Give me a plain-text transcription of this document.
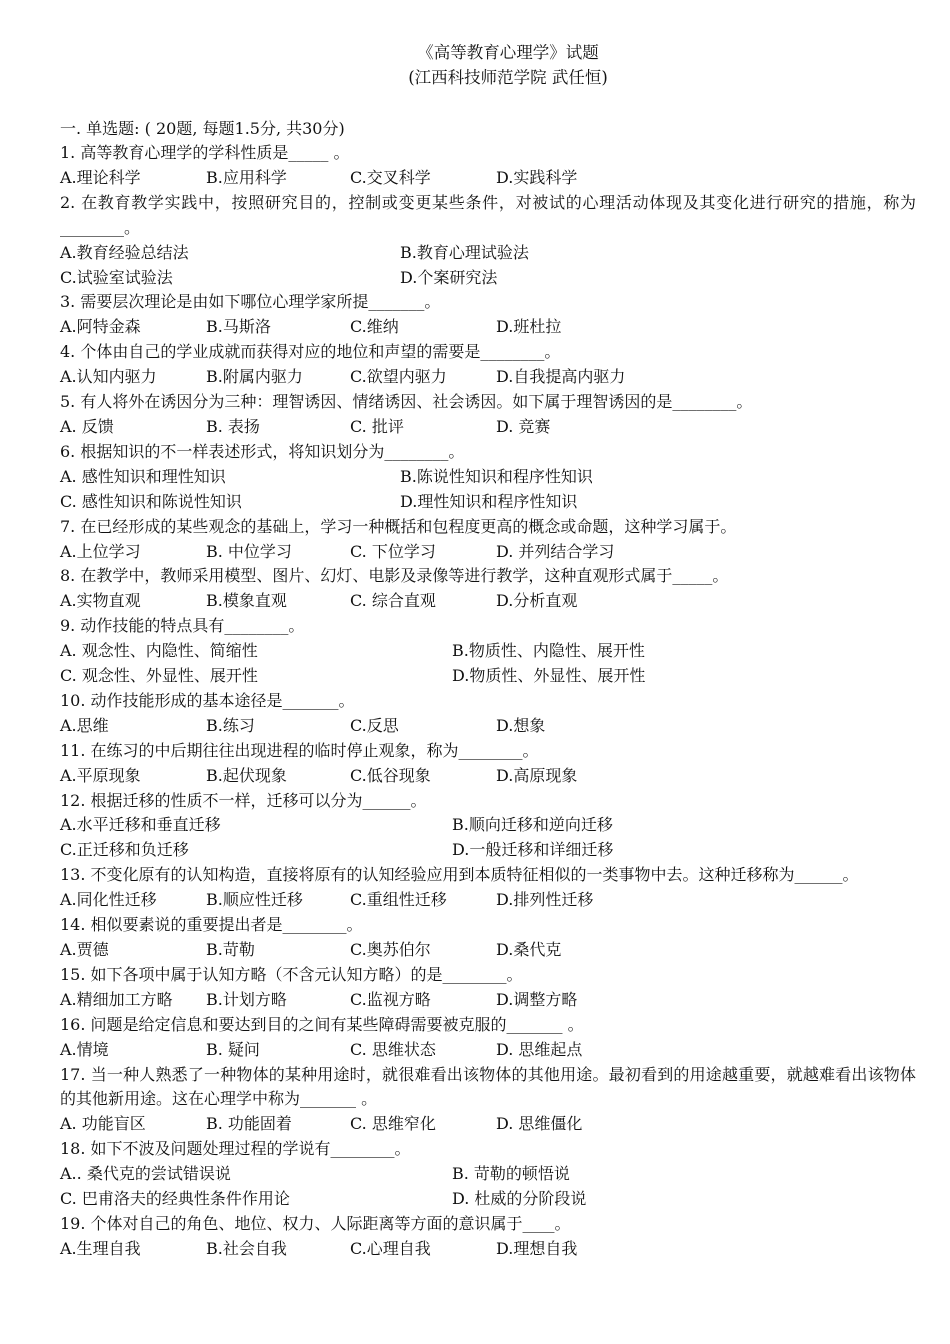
《高等教育心理学》试题
(江西科技师范学院 武任恒)
一. 单选题: ( 20题, 每题1.5分, 共30分)
1. 高等教育心理学的学科性质是_____ 。
A.理论科学	B.应用科学	C.交叉科学	D.实践科学
2. 在教育教学实践中，按照研究目的，控制或变更某些条件，对被试的心理活动体现及其变化进行研究的措施，称为________。
A.教育经验总结法	B.教育心理试验法
C.试验室试验法	D.个案研究法
3. 需要层次理论是由如下哪位心理学家所提_______。
A.阿特金森	B.马斯洛	C.维纳	D.班杜拉
4. 个体由自己的学业成就而获得对应的地位和声望的需要是________。
A.认知内驱力	B.附属内驱力	C.欲望内驱力	D.自我提高内驱力
5. 有人将外在诱因分为三种：理智诱因、情绪诱因、社会诱因。如下属于理智诱因的是________。
A. 反馈	B. 表扬	C. 批评	D. 竞赛
6. 根据知识的不一样表述形式，将知识划分为________。
A. 感性知识和理性知识	B.陈说性知识和程序性知识
C. 感性知识和陈说性知识	D.理性知识和程序性知识
7. 在已经形成的某些观念的基础上，学习一种概括和包程度更高的概念或命题，这种学习属于。
A.上位学习	B. 中位学习	C. 下位学习	D. 并列结合学习
8. 在教学中，教师采用模型、图片、幻灯、电影及录像等进行教学，这种直观形式属于_____。
A.实物直观	B.模象直观	C. 综合直观	D.分析直观
9. 动作技能的特点具有________。
A. 观念性、内隐性、简缩性	B.物质性、内隐性、展开性
C. 观念性、外显性、展开性	D.物质性、外显性、展开性
10. 动作技能形成的基本途径是_______。
A.思维	B.练习	C.反思	D.想象
11. 在练习的中后期往往出现进程的临时停止观象，称为________。
A.平原现象	B.起伏现象	C.低谷现象	D.高原现象
12. 根据迁移的性质不一样，迁移可以分为______。
A.水平迁移和垂直迁移	B.顺向迁移和逆向迁移
C.正迁移和负迁移	D.一般迁移和详细迁移
13. 不变化原有的认知构造，直接将原有的认知经验应用到本质特征相似的一类事物中去。这种迁移称为______。
A.同化性迁移	B.顺应性迁移	C.重组性迁移	D.排列性迁移
14. 相似要素说的重要提出者是________。
A.贾德	B.苛勒	C.奥苏伯尔	D.桑代克
15. 如下各项中属于认知方略（不含元认知方略）的是________。
A.精细加工方略	B.计划方略	C.监视方略	D.调整方略
16. 问题是给定信息和要达到目的之间有某些障碍需要被克服的_______ 。
A.情境	B. 疑问	C. 思维状态	D. 思维起点
17. 当一种人熟悉了一种物体的某种用途时，就很难看出该物体的其他用途。最初看到的用途越重要，就越难看出该物体的其他新用途。这在心理学中称为_______ 。
A. 功能盲区	B. 功能固着	C. 思维窄化	D. 思维僵化
18. 如下不波及问题处理过程的学说有________。
A.. 桑代克的尝试错误说	B. 苛勒的顿悟说
C. 巴甫洛夫的经典性条件作用论	D. 杜威的分阶段说
19. 个体对自己的角色、地位、权力、人际距离等方面的意识属于____。
A.生理自我	B.社会自我	C.心理自我	D.理想自我
